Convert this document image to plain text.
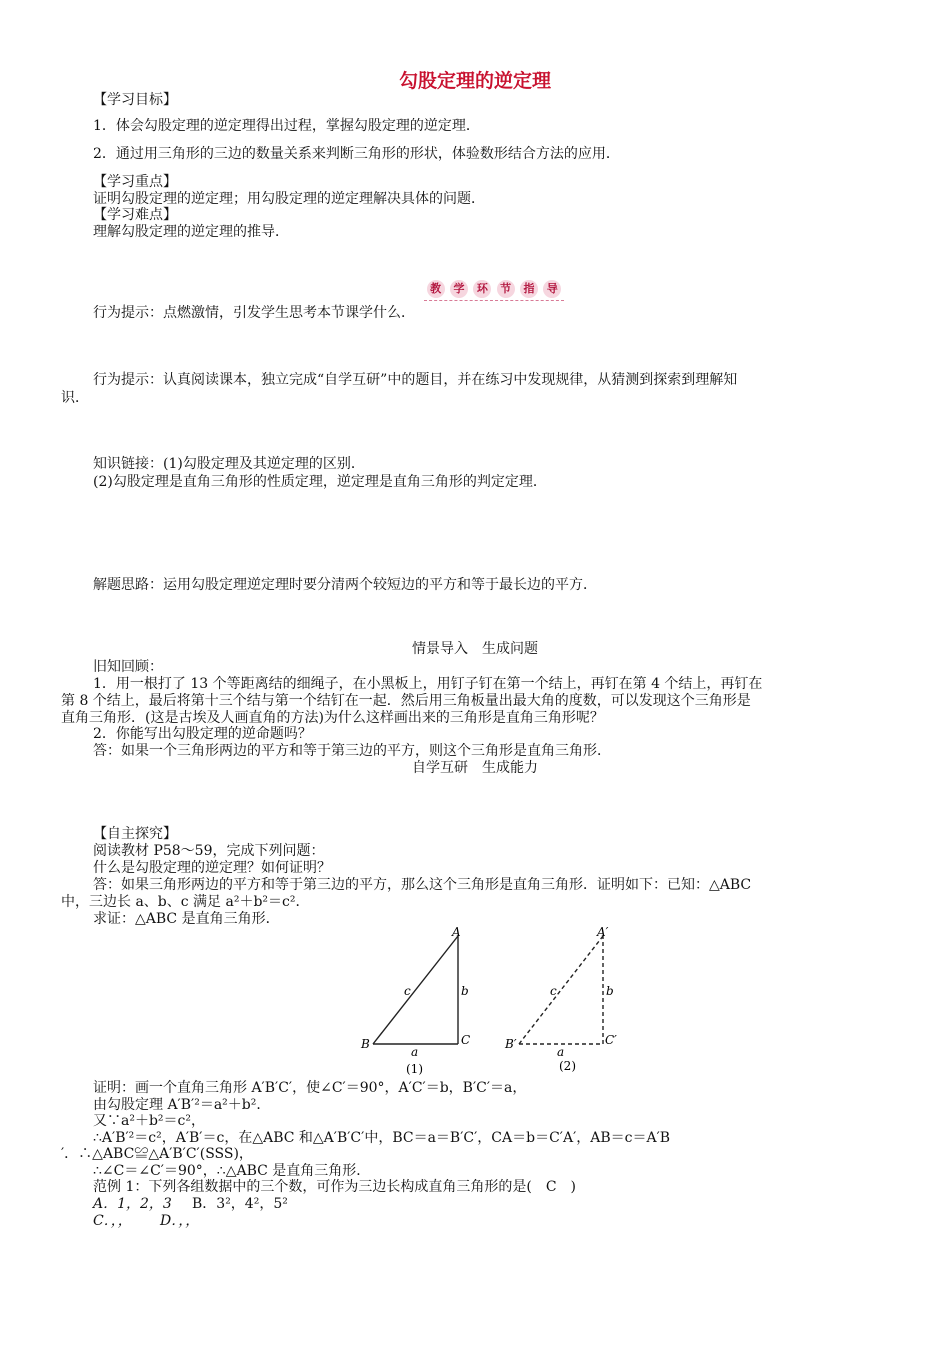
勾股定理的逆定理
【学习目标】
1．体会勾股定理的逆定理得出过程，掌握勾股定理的逆定理．
2．通过用三角形的三边的数量关系来判断三角形的形状，体验数形结合方法的应用．
【学习重点】
证明勾股定理的逆定理；用勾股定理的逆定理解决具体的问题．
【学习难点】
理解勾股定理的逆定理的推导．
教	学	环	节	指	导
行为提示：点燃激情，引发学生思考本节课学什么．
行为提示：认真阅读课本，独立完成“自学互研”中的题目，并在练习中发现规律，从猜测到探索到理解知
识．
知识链接：(1)勾股定理及其逆定理的区别．
(2)勾股定理是直角三角形的性质定理，逆定理是直角三角形的判定定理．
解题思路：运用勾股定理逆定理时要分清两个较短边的平方和等于最长边的平方．
情景导入　生成问题
旧知回顾：
1．用一根打了 13 个等距离结的细绳子，在小黑板上，用钉子钉在第一个结上，再钉在第 4 个结上，再钉在
第 8 个结上，最后将第十三个结与第一个结钉在一起．然后用三角板量出最大角的度数，可以发现这个三角形是
直角三角形．(这是古埃及人画直角的方法)为什么这样画出来的三角形是直角三角形呢？
2．你能写出勾股定理的逆命题吗？
答：如果一个三角形两边的平方和等于第三边的平方，则这个三角形是直角三角形．
自学互研　生成能力
【自主探究】
阅读教材 P58～59，完成下列问题：
什么是勾股定理的逆定理？如何证明？
答：如果三角形两边的平方和等于第三边的平方，那么这个三角形是直角三角形．证明如下：已知：△ABC
中，三边长 a、b、c 满足 a²＋b²＝c²．
求证：△ABC 是直角三角形．
A
B	C
a
b
c
(1)
A′
B′	C′
a
b
c
(2)
证明：画一个直角三角形 A′B′C′，使∠C′＝90°，A′C′＝b，B′C′＝a，
由勾股定理 A′B′²＝a²＋b²．
又∵a²＋b²＝c²，
∴A′B′²＝c²，A′B′＝c，在△ABC 和△A′B′C′中，BC＝a＝B′C′，CA＝b＝C′A′，AB＝c＝A′B
′．∴△ABC≌△A′B′C′(SSS)，
∴∠C＝∠C′＝90°，∴△ABC 是直角三角形．
范例 1：下列各组数据中的三个数，可作为三边长构成直角三角形的是(　C　)
A．1，2，3 B．3²，4²，5²
C．，， D．，，
